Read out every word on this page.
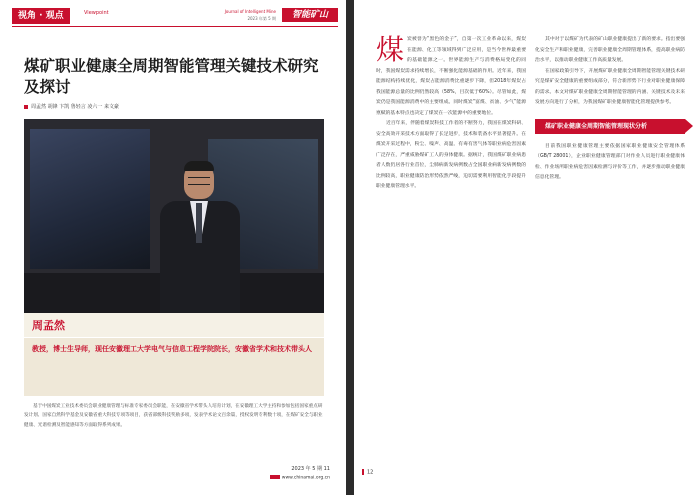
视角 · 观点	Viewpoint	Journal of Intelligent Mine
2023 年第 5 期	智能矿山
煤矿职业健康全周期智能管理关键技术研究及探讨
周孟然 胡锋 卞凯 鲁轻言 凌六一 来文豪
周孟然
教授，博士生导师，现任安徽理工大学电气与信息工程学院院长，安徽省学术和技术带头人
基于中国煤炭工业技术委员会职业健康管理与标准专家委员会职能，在安徽省学术带头人培育计划，在安徽理工大学主持和参加包括国家重点研发计划、国家自然科学基金及安徽省重大科技专项等项目，获省部级科技奖励多项，发表学术论文百余篇，授权发明专利数十项，在煤矿安全与职业健康、光谱检测及智能感知等方面取得系列成果。
2023 年 5 期 11
www.chinamai.org.cn

煤炭被誉为“黑色的金子”，自第一次工业革命以来，煤炭在能源、化工等领域得到广泛应用，是当今世界最重要的基础能源之一。世界能源生产与消费格局变化的同时，我国煤炭需求持续增长，不断强化能源基础的作用。近年来，我国能源结构持续优化，煤炭占能源消费比重逐步下降，但2018年煤炭占我国能源总量的比例仍然较高（58%，目次低于60%）。尽管如此，煤炭仍是我国能源消费中的主要组成。同时煤炭“富煤、贫油、少气”能源禀赋的基本特点也决定了煤炭在一次能源中的重要地位。

近百年来，伴随着煤炭科技工作者的不断努力，我国在煤炭科研、安全高效开采技术方面取得了长足进步，技术和装备水平显著提升。在煤炭开采过程中，粉尘、噪声、高温、有毒有害气体等职业病危害因素广泛存在，严重威胁煤矿工人的身体健康。据统计，我国煤矿职业病患者人数仍居各行业首位，尘肺病新发病例数占全国职业病新发病例数的比例较高，职业健康防治形势依然严峻，迫切需要利用智能化手段提升职业健康管理水平。

其中对于以煤矿为代表的矿山职业健康提出了新的要求。指出要强化安全生产和职业健康，完善职业健康全周期管理体系，提高职业病防治水平，以推动职业健康工作高质量发展。

在国家政策引导下，开展煤矿职业健康全周期智能管理关键技术研究是煤矿安全健康的重要组成部分，符合新形势下行业对职业健康保障的需求。本文对煤矿职业健康全周期智能管理的内涵、关键技术及未来发展方向进行了分析，为我国煤矿职业健康智能化管理提供参考。

煤矿职业健康全周期智能管理现状分析

目前我国职业健康管理主要依据国家职业健康安全管理体系（GB/T 28001），企业职业健康管理部门对作业人员进行职业健康体检、作业场所职业病危害因素检测与评价等工作，并逐步推动职业健康信息化管理。

12
